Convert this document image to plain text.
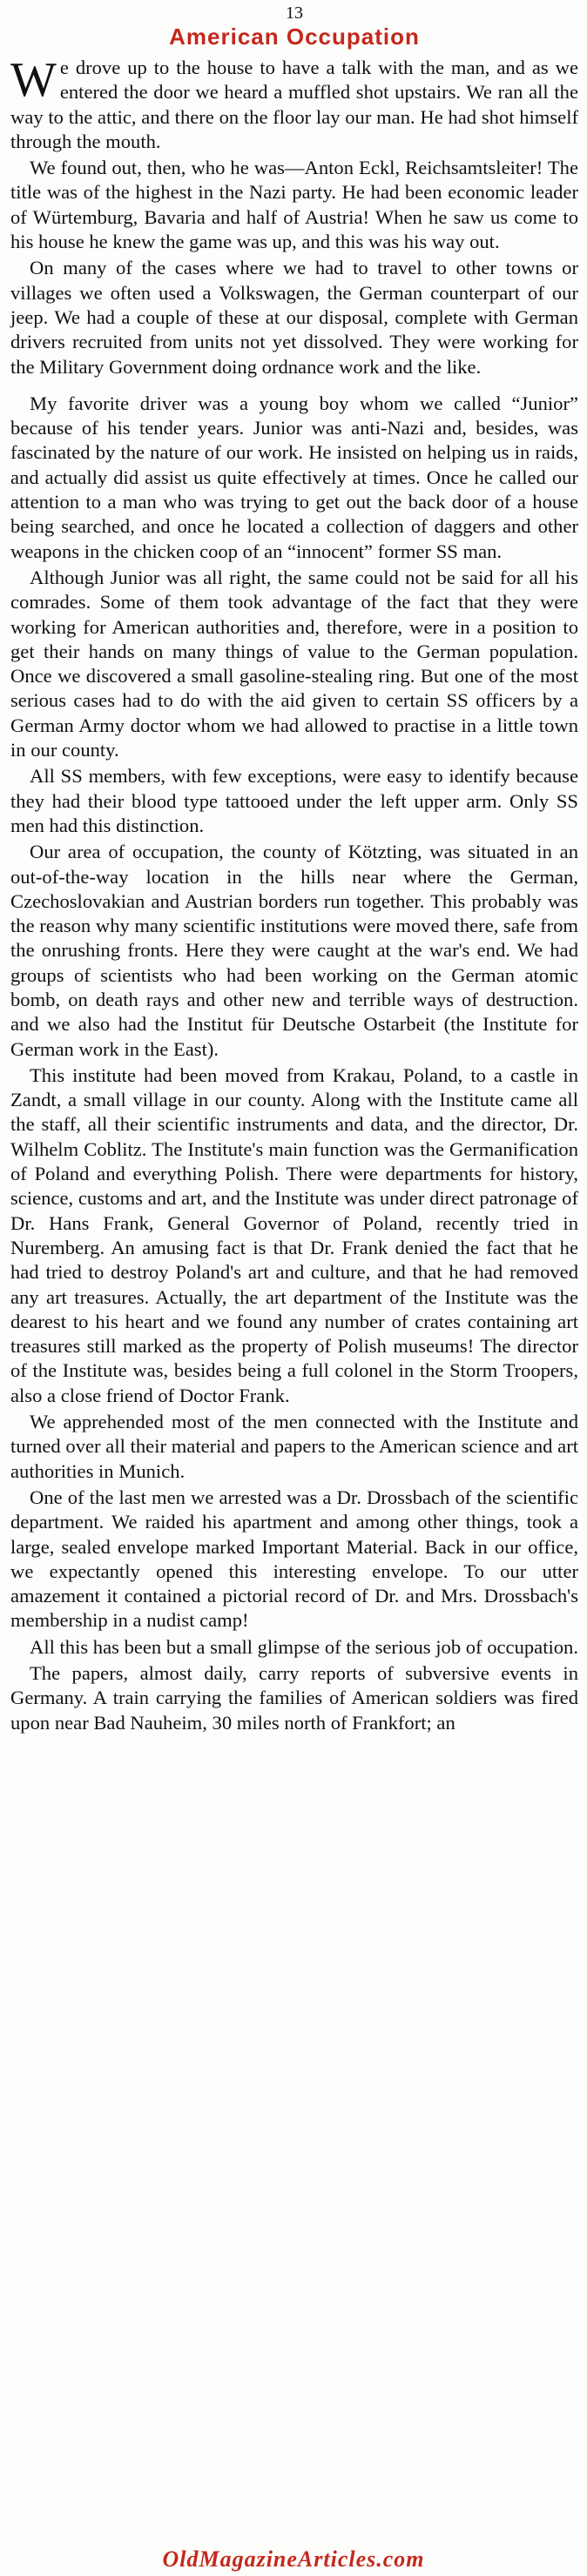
13
American Occupation

We drove up to the house to have a talk with the man, and as we entered the door we heard a muffled shot upstairs. We ran all the way to the attic, and there on the floor lay our man. He had shot himself through the mouth.

We found out, then, who he was—Anton Eckl, Reichsamtsleiter! The title was of the highest in the Nazi party. He had been economic leader of Würtemburg, Bavaria and half of Austria! When he saw us come to his house he knew the game was up, and this was his way out.

On many of the cases where we had to travel to other towns or villages we often used a Volkswagen, the German counterpart of our jeep. We had a couple of these at our disposal, complete with German drivers recruited from units not yet dissolved. They were working for the Military Government doing ordnance work and the like.

My favorite driver was a young boy whom we called “Junior” because of his tender years. Junior was anti-Nazi and, besides, was fascinated by the nature of our work. He insisted on helping us in raids, and actually did assist us quite effectively at times. Once he called our attention to a man who was trying to get out the back door of a house being searched, and once he located a collection of daggers and other weapons in the chicken coop of an “innocent” former SS man.

Although Junior was all right, the same could not be said for all his comrades. Some of them took advantage of the fact that they were working for American authorities and, therefore, were in a position to get their hands on many things of value to the German population. Once we discovered a small gasoline-stealing ring. But one of the most serious cases had to do with the aid given to certain SS officers by a German Army doctor whom we had allowed to practise in a little town in our county.

All SS members, with few exceptions, were easy to identify because they had their blood type tattooed under the left upper arm. Only SS men had this distinction.

Our area of occupation, the county of Kötzting, was situated in an out-of-the-way location in the hills near where the German, Czechoslovakian and Austrian borders run together. This probably was the reason why many scientific institutions were moved there, safe from the onrushing fronts. Here they were caught at the war's end. We had groups of scientists who had been working on the German atomic bomb, on death rays and other new and terrible ways of destruction. and we also had the Institut für Deutsche Ostarbeit (the Institute for German work in the East).

This institute had been moved from Krakau, Poland, to a castle in Zandt, a small village in our county. Along with the Institute came all the staff, all their scientific instruments and data, and the director, Dr. Wilhelm Coblitz. The Institute's main function was the Germanification of Poland and everything Polish. There were departments for history, science, customs and art, and the Institute was under direct patronage of Dr. Hans Frank, General Governor of Poland, recently tried in Nuremberg. An amusing fact is that Dr. Frank denied the fact that he had tried to destroy Poland's art and culture, and that he had removed any art treasures. Actually, the art department of the Institute was the dearest to his heart and we found any number of crates containing art treasures still marked as the property of Polish museums! The director of the Institute was, besides being a full colonel in the Storm Troopers, also a close friend of Doctor Frank.

We apprehended most of the men connected with the Institute and turned over all their material and papers to the American science and art authorities in Munich.

One of the last men we arrested was a Dr. Drossbach of the scientific department. We raided his apartment and among other things, took a large, sealed envelope marked Important Material. Back in our office, we expectantly opened this interesting envelope. To our utter amazement it contained a pictorial record of Dr. and Mrs. Drossbach's membership in a nudist camp!

All this has been but a small glimpse of the serious job of occupation.

The papers, almost daily, carry reports of subversive events in Germany. A train carrying the families of American soldiers was fired upon near Bad Nauheim, 30 miles north of Frankfort; an

OldMagazineArticles.com
